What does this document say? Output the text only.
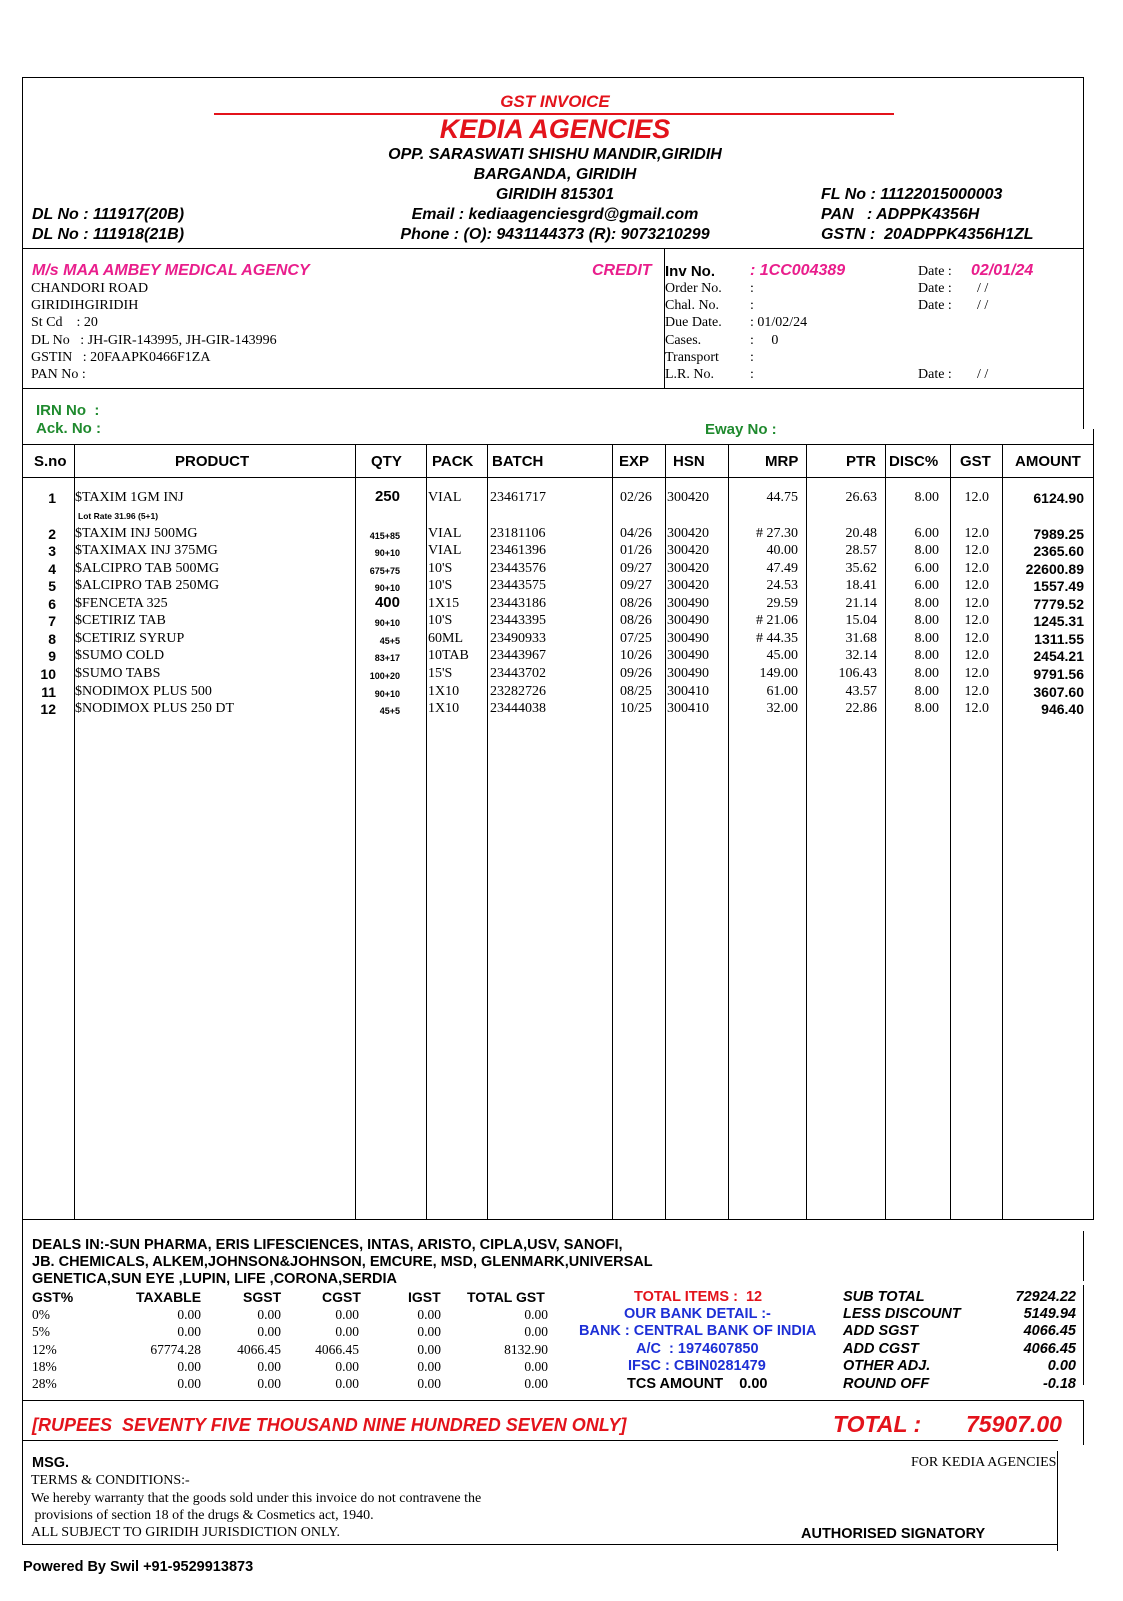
GST INVOICE
KEDIA AGENCIES
OPP. SARASWATI SHISHU MANDIR,GIRIDIH
BARGANDA, GIRIDIH
GIRIDIH 815301
Email : kediaagenciesgrd@gmail.com
Phone : (O): 9431144373 (R): 9073210299
DL No : 111917(20B)
DL No : 111918(21B)
FL No : 11122015000003
PAN   : ADPPK4356H
GSTN :  20ADPPK4356H1ZL
M/s MAA AMBEY MEDICAL AGENCY
CHANDORI ROAD
GIRIDIHGIRIDIH
St Cd    : 20
DL No   : JH-GIR-143995, JH-GIR-143996
GSTIN   : 20FAAPK0466F1ZA
PAN No :
CREDIT Inv No. : 1CC004389	Date : 02/01/24
Order No. :	Date : / /
Chal. No. :	Date : / /
Due Date. : 01/02/24
Cases.	:     0
Transport :
L.R. No.	:	Date : / /
IRN No  :
Ack. No :	Eway No :
S.no	PRODUCT	QTY PACK BATCH	EXP HSN	MRP	PTR DISC% GST AMOUNT
1 $TAXIM 1GM INJ	250 VIAL 23461717	02/26 300420	44.75	26.63	8.00	12.0	6124.90
2 $TAXIM INJ 500MG	415+85 VIAL 23181106	04/26 300420	# 27.30	20.48	6.00	12.0	7989.25
3 $TAXIMAX INJ 375MG	90+10 VIAL 23461396	01/26 300420	40.00	28.57	8.00	12.0	2365.60
4 $ALCIPRO TAB 500MG	675+75 10'S	23443576	09/27 300420	47.49	35.62	6.00	12.0	22600.89
5 $ALCIPRO TAB 250MG	90+10 10'S	23443575	09/27 300420	24.53	18.41	6.00	12.0	1557.49
6 $FENCETA 325	400 1X15 23443186	08/26 300490	29.59	21.14	8.00	12.0	7779.52
7 $CETIRIZ TAB	90+10 10'S	23443395	08/26 300490	# 21.06	15.04	8.00	12.0	1245.31
8 $CETIRIZ SYRUP	45+5 60ML 23490933	07/25 300490	# 44.35	31.68	8.00	12.0	1311.55
9 $SUMO COLD	83+17 10TAB 23443967	10/26 300490	45.00	32.14	8.00	12.0	2454.21
10 $SUMO TABS	100+20 15'S	23443702	09/26 300490	149.00	106.43	8.00	12.0	9791.56
11 $NODIMOX PLUS 500	90+10 1X10 23282726	08/25 300410	61.00	43.57	8.00	12.0	3607.60
12 $NODIMOX PLUS 250 DT	45+5 1X10 23444038	10/25 300410	32.00	22.86	8.00	12.0	946.40
Lot Rate 31.96 (5+1)
DEALS IN:-SUN PHARMA, ERIS LIFESCIENCES, INTAS, ARISTO, CIPLA,USV, SANOFI,
JB. CHEMICALS, ALKEM,JOHNSON&JOHNSON, EMCURE, MSD, GLENMARK,UNIVERSAL
GENETICA,SUN EYE ,LUPIN, LIFE ,CORONA,SERDIA
GST%	TAXABLE	SGST	CGST	IGST TOTAL GST
0%	0.00	0.00	0.00	0.00	0.00
5%	0.00	0.00	0.00	0.00	0.00
12%	67774.28	4066.45	4066.45	0.00	8132.90
18%	0.00	0.00	0.00	0.00	0.00
28%	0.00	0.00	0.00	0.00	0.00
TOTAL ITEMS :  12
OUR BANK DETAIL :-
BANK : CENTRAL BANK OF INDIA
A/C  : 1974607850
IFSC : CBIN0281479
TCS AMOUNT    0.00
SUB TOTAL	72924.22
LESS DISCOUNT	5149.94
ADD SGST	4066.45
ADD CGST	4066.45
OTHER ADJ.	0.00
ROUND OFF	-0.18
[RUPEES  SEVENTY FIVE THOUSAND NINE HUNDRED SEVEN ONLY]	TOTAL : 75907.00
MSG.	FOR KEDIA AGENCIES
TERMS & CONDITIONS:-
We hereby warranty that the goods sold under this invoice do not contravene the
provisions of section 18 of the drugs & Cosmetics act, 1940.
ALL SUBJECT TO GIRIDIH JURISDICTION ONLY.	AUTHORISED SIGNATORY
Powered By Swil +91-9529913873
